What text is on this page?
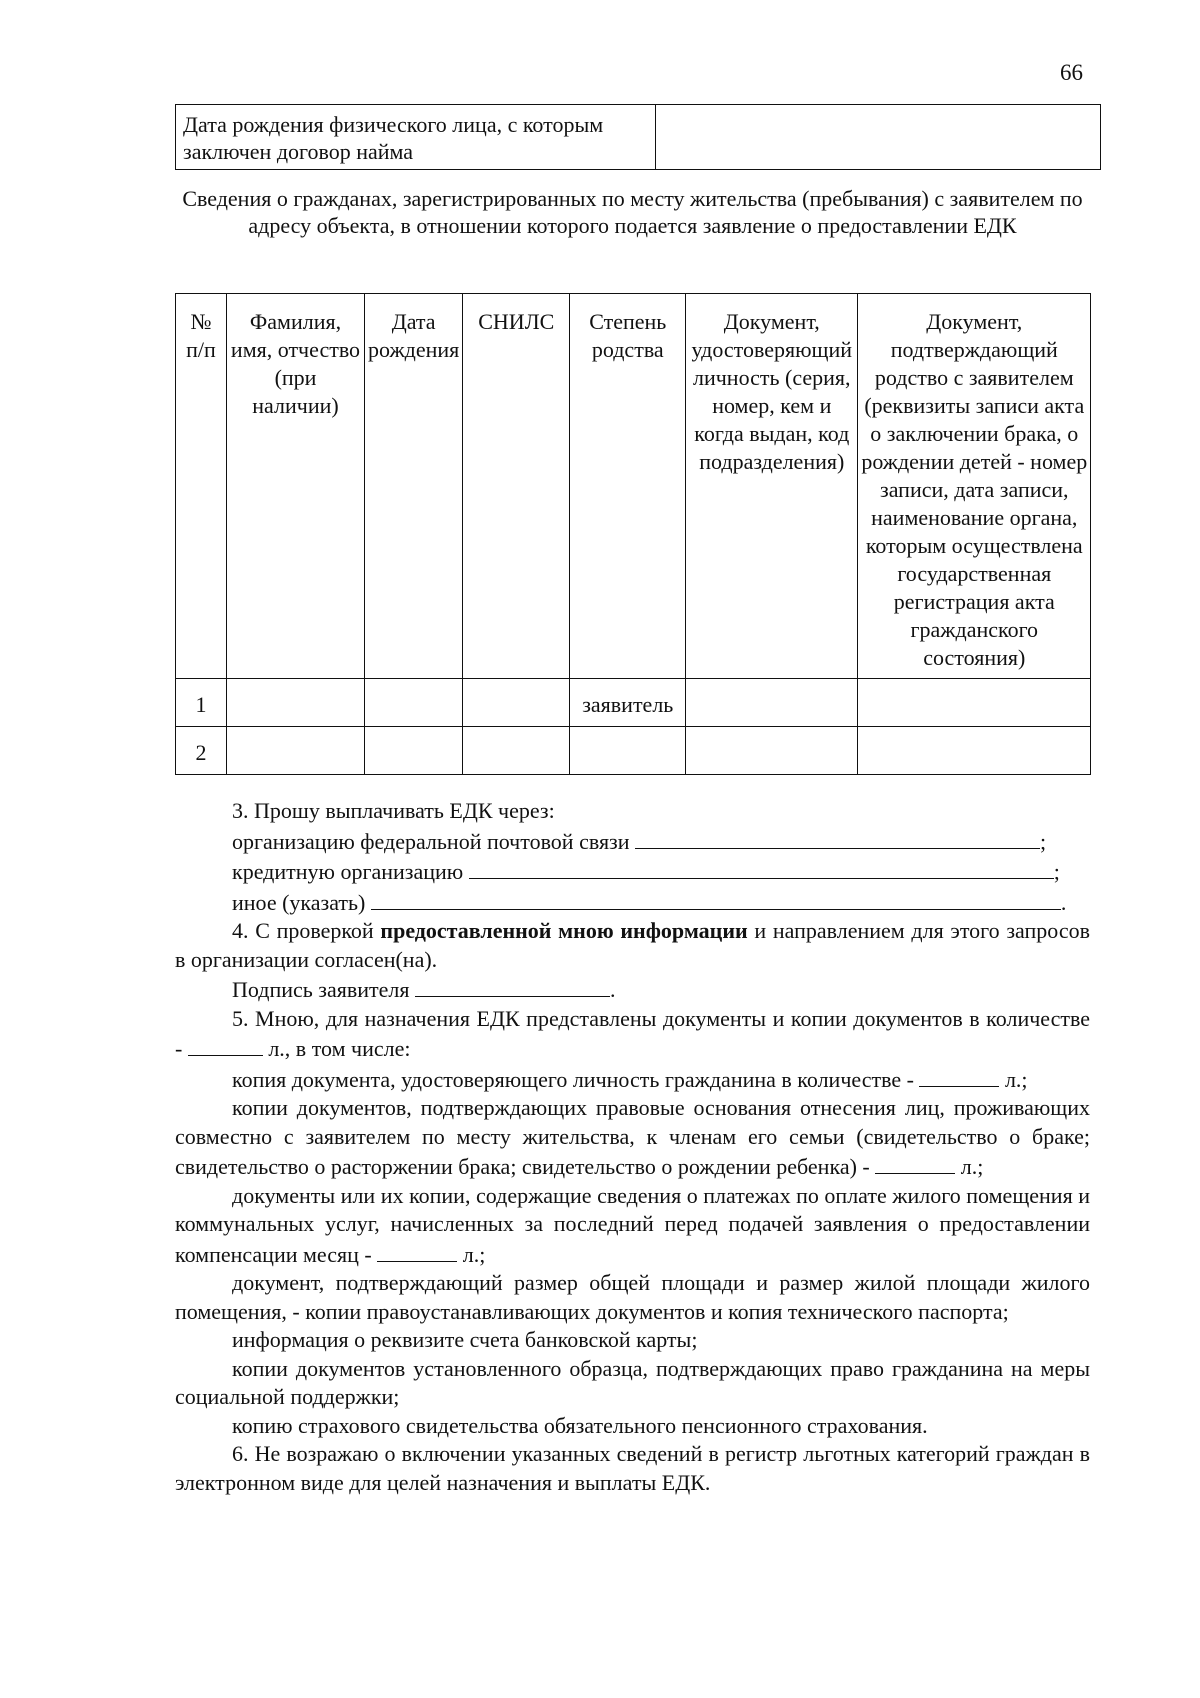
66
Дата рождения физического лица, с которым заключен договор найма	
Сведения о гражданах, зарегистрированных по месту жительства (пребывания) с заявителем по адресу объекта, в отношении которого подается заявление о предоставлении ЕДК
№ п/п	Фамилия, имя, отчество (при наличии)	Дата рождения	СНИЛС	Степень родства	Документ, удостоверяющий личность (серия, номер, кем и когда выдан, код подразделения)	Документ, подтверждающий родство с заявителем (реквизиты записи акта о заключении брака, о рождении детей - номер записи, дата записи, наименование органа, которым осуществлена государственная регистрация акта гражданского состояния)
1				заявитель		
2						

3. Прошу выплачивать ЕДК через:

организацию федеральной почтовой связи	;

кредитную организацию	;

иное (указать)	.

4. С проверкой предоставленной мною информации и направлением для этого запросов в организации согласен(на).

Подпись заявителя	.

5. Мною, для назначения ЕДК представлены документы и копии документов в количестве -	л., в том числе:

копия документа, удостоверяющего личность гражданина в количестве -	л.;

копии документов, подтверждающих правовые основания отнесения лиц, проживающих совместно с заявителем по месту жительства, к членам его семьи (свидетельство о браке; свидетельство о расторжении брака; свидетельство о рождении ребенка) -	л.;

документы или их копии, содержащие сведения о платежах по оплате жилого помещения и коммунальных услуг, начисленных за последний перед подачей заявления о предоставлении компенсации месяц -	л.;

документ, подтверждающий размер общей площади и размер жилой площади жилого помещения, - копии правоустанавливающих документов и копия технического паспорта;

информация о реквизите счета банковской карты;

копии документов установленного образца, подтверждающих право гражданина на меры социальной поддержки;

копию страхового свидетельства обязательного пенсионного страхования.

6. Не возражаю о включении указанных сведений в регистр льготных категорий граждан в электронном виде для целей назначения и выплаты ЕДК.
